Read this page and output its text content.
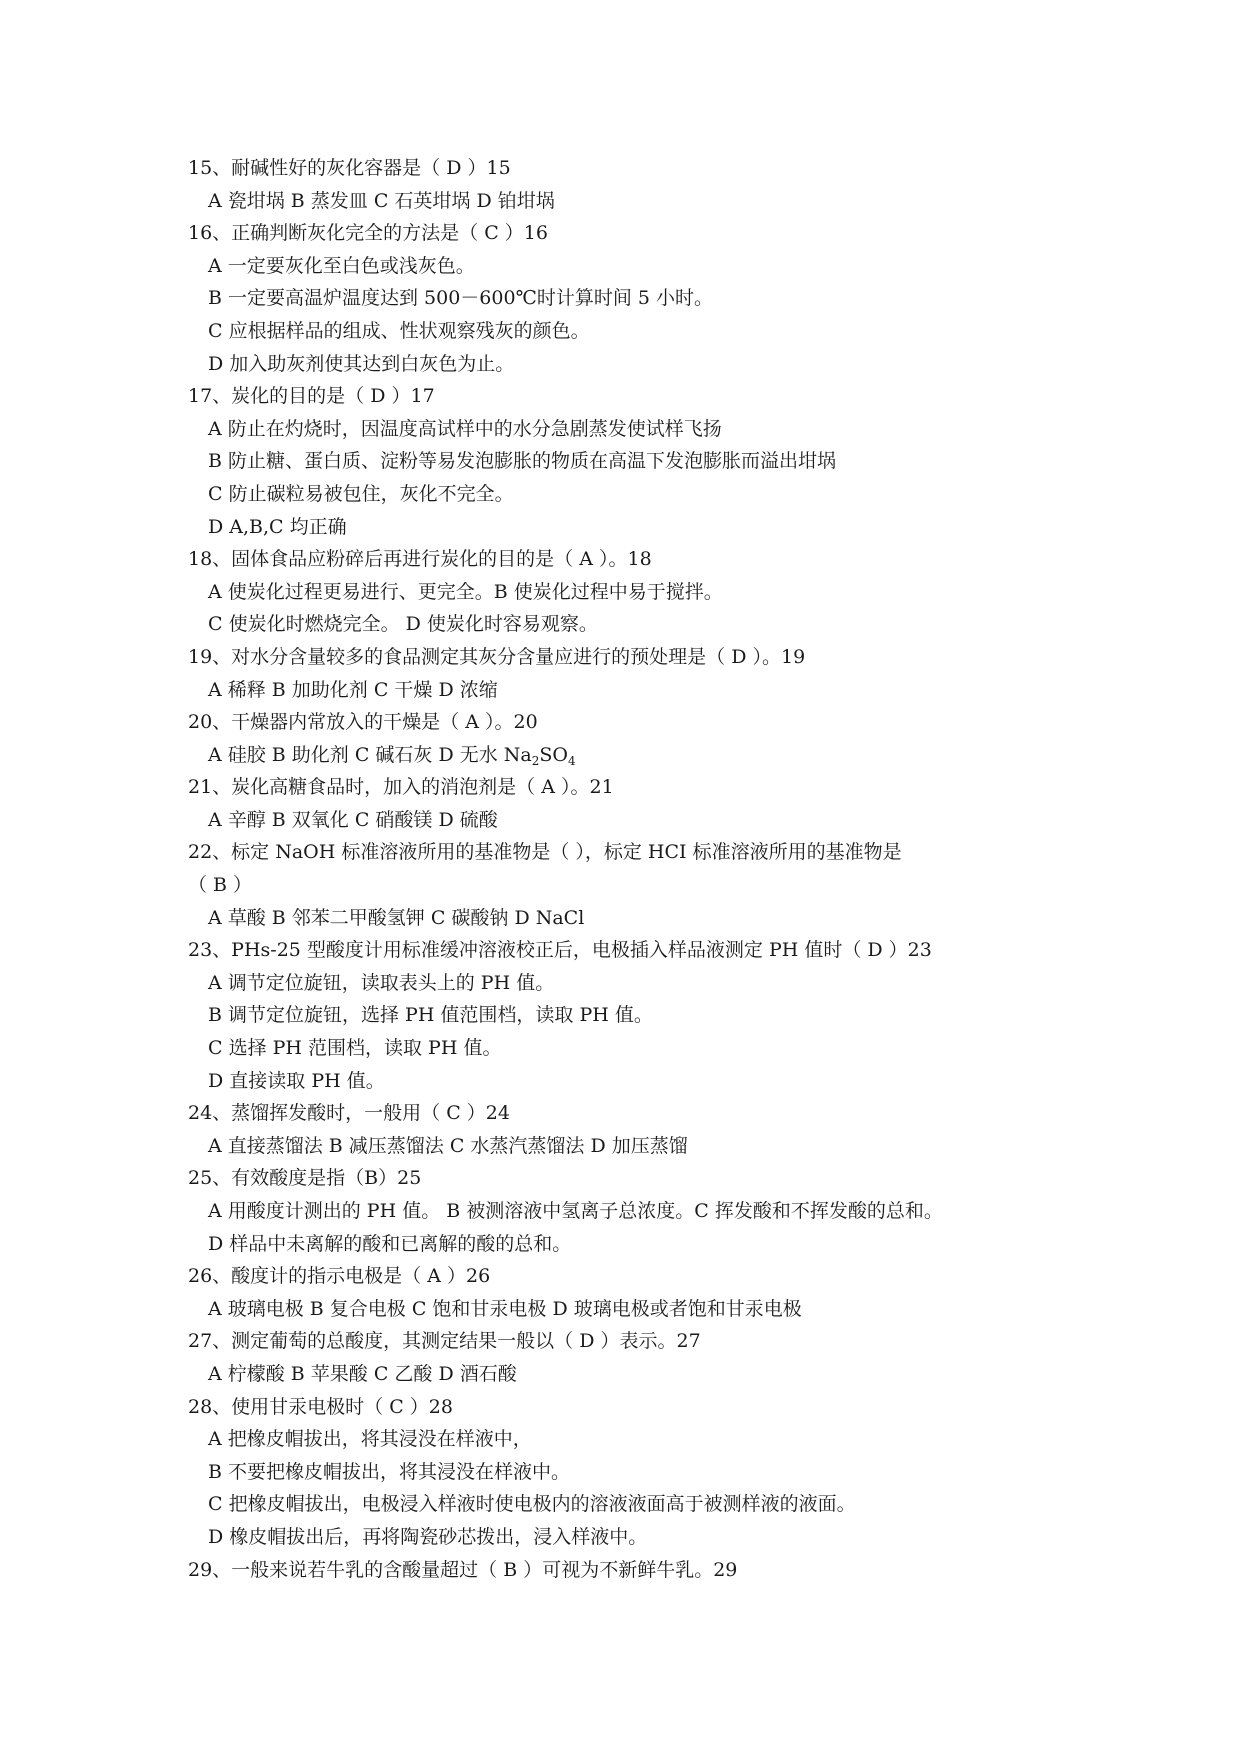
15、耐碱性好的灰化容器是（ D ）15
A 瓷坩埚 B 蒸发皿 C 石英坩埚 D 铂坩埚
16、正确判断灰化完全的方法是（ C ）16
A 一定要灰化至白色或浅灰色。
B 一定要高温炉温度达到 500－600℃时计算时间 5 小时。
C 应根据样品的组成、性状观察残灰的颜色。
D 加入助灰剂使其达到白灰色为止。
17、炭化的目的是（ D ）17
A 防止在灼烧时，因温度高试样中的水分急剧蒸发使试样飞扬
B 防止糖、蛋白质、淀粉等易发泡膨胀的物质在高温下发泡膨胀而溢出坩埚
C 防止碳粒易被包住，灰化不完全。
D A,B,C 均正确
18、固体食品应粉碎后再进行炭化的目的是（ A ）。18
A 使炭化过程更易进行、更完全。B 使炭化过程中易于搅拌。
C 使炭化时燃烧完全。 D 使炭化时容易观察。
19、对水分含量较多的食品测定其灰分含量应进行的预处理是（ D ）。19
A 稀释 B 加助化剂 C 干燥 D 浓缩
20、干燥器内常放入的干燥是（ A ）。20
A 硅胶 B 助化剂 C 碱石灰 D 无水 $Na_2SO_4$
21、炭化高糖食品时，加入的消泡剂是（ A ）。21
A 辛醇 B 双氧化 C 硝酸镁 D 硫酸
22、标定 NaOH 标准溶液所用的基准物是（ ），标定 HCI 标准溶液所用的基准物是
（ B ）
A 草酸 B 邻苯二甲酸氢钾 C 碳酸钠 D NaCl
23、PHs-25 型酸度计用标准缓冲溶液校正后，电极插入样品液测定 PH 值时（ D ）23
A 调节定位旋钮，读取表头上的 PH 值。
B 调节定位旋钮，选择 PH 值范围档，读取 PH 值。
C 选择 PH 范围档，读取 PH 值。
D 直接读取 PH 值。
24、蒸馏挥发酸时，一般用（ C ）24
A 直接蒸馏法 B 减压蒸馏法 C 水蒸汽蒸馏法 D 加压蒸馏
25、有效酸度是指（B）25
A 用酸度计测出的 PH 值。 B 被测溶液中氢离子总浓度。C 挥发酸和不挥发酸的总和。
D 样品中未离解的酸和已离解的酸的总和。
26、酸度计的指示电极是（ A ）26
A 玻璃电极 B 复合电极 C 饱和甘汞电极 D 玻璃电极或者饱和甘汞电极
27、测定葡萄的总酸度，其测定结果一般以（ D ）表示。27
A 柠檬酸 B 苹果酸 C 乙酸 D 酒石酸
28、使用甘汞电极时（ C ）28
A 把橡皮帽拔出，将其浸没在样液中，
B 不要把橡皮帽拔出，将其浸没在样液中。
C 把橡皮帽拔出，电极浸入样液时使电极内的溶液液面高于被测样液的液面。
D 橡皮帽拔出后，再将陶瓷砂芯拨出，浸入样液中。
29、一般来说若牛乳的含酸量超过（ B ）可视为不新鲜牛乳。29
